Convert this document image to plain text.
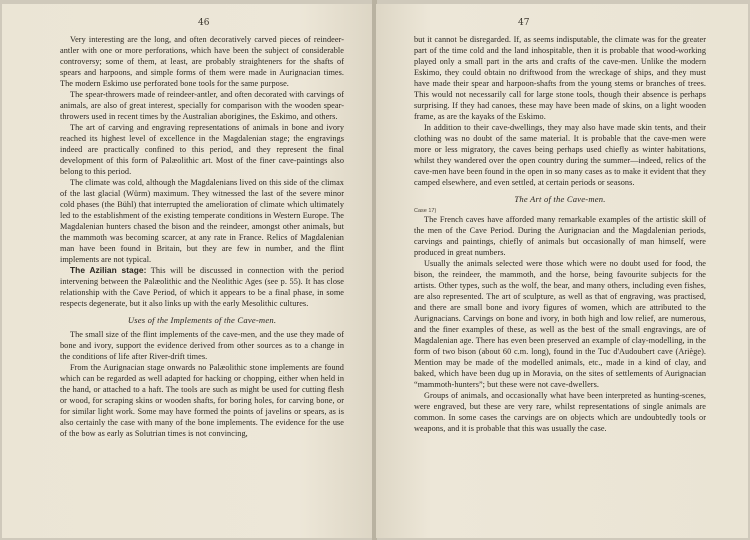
46

Very interesting are the long, and often decoratively carved pieces of reindeer-antler with one or more perforations, which have been the subject of considerable controversy; some of them, at least, are probably straighteners for the shafts of spears and harpoons, and simple forms of them were made in Aurignacian times. The modern Eskimo use perforated bone tools for the same purpose.

The spear-throwers made of reindeer-antler, and often decorated with carvings of animals, are also of great interest, specially for comparison with the wooden spear-throwers used in recent times by the Australian aborigines, the Eskimo, and others.

The art of carving and engraving representations of animals in bone and ivory reached its highest level of excellence in the Magdalenian stage; the engravings indeed are practically confined to this period, and they represent the final development of this form of Palæolithic art. Most of the finer cave-paintings also belong to this period.

The climate was cold, although the Magdalenians lived on this side of the climax of the last glacial (Würm) maximum. They witnessed the last of the severe minor cold phases (the Bühl) that interrupted the amelioration of climate which ultimately led to the establishment of the existing temperate conditions in Western Europe. The Magdalenian hunters chased the bison and the reindeer, amongst other animals, but the mammoth was becoming scarcer, at any rate in France. Relics of Magdalenian man have been found in Britain, but they are few in number, and the flint implements are not typical.

The Azilian stage: This will be discussed in connection with the period intervening between the Palæolithic and the Neolithic Ages (see p. 55). It has close relationship with the Cave Period, of which it appears to be a final phase, in some respects degenerate, but it also links up with the early Mesolithic cultures.

Uses of the Implements of the Cave-men.

The small size of the flint implements of the cave-men, and the use they made of bone and ivory, support the evidence derived from other sources as to a change in the conditions of life after River-drift times.

From the Aurignacian stage onwards no Palæolithic stone implements are found which can be regarded as well adapted for hacking or chopping, either when held in the hand, or attached to a haft. The tools are such as might be used for cutting flesh or wood, for scraping skins or wooden shafts, for boring holes, for carving bone, or for similar light work. Some may have formed the points of javelins or spears, as is also certainly the case with many of the bone implements. The evidence for the use of the bow as early as Solutrian times is not convincing,

47

but it cannot be disregarded. If, as seems indisputable, the climate was for the greater part of the time cold and the land inhospitable, then it is probable that wood-working played only a small part in the arts and crafts of the cave-men. Unlike the modern Eskimo, they could obtain no driftwood from the wreckage of ships, and they must have made their spear and harpoon-shafts from the young stems or branches of trees. This would not necessarily call for large stone tools, though their absence is perhaps surprising. If they had canoes, these may have been made of skins, on a light wooden frame, as are the kayaks of the Eskimo.

In addition to their cave-dwellings, they may also have made skin tents, and their clothing was no doubt of the same material. It is probable that the cave-men were more or less migratory, the caves being perhaps used chiefly as winter habitations, whilst they wandered over the open country during the summer—indeed, relics of the cave-men have been found in the open in so many cases as to make it evident that they camped elsewhere, and even settled, at certain periods or seasons.

The Art of the Cave-men.
Case 17)

The French caves have afforded many remarkable examples of the artistic skill of the men of the Cave Period. During the Aurignacian and the Magdalenian periods, carvings and paintings, chiefly of animals but occasionally of man himself, were produced in great numbers.

Usually the animals selected were those which were no doubt used for food, the bison, the reindeer, the mammoth, and the horse, being favourite subjects for the artists. Other types, such as the wolf, the bear, and many others, including even fishes, are also represented. The art of sculpture, as well as that of engraving, was practised, and there are small bone and ivory figures of women, which are attributed to the Aurignacians. Carvings on bone and ivory, in both high and low relief, are numerous, and the finer examples of these, as well as the best of the small engravings, are of Magdalenian age. There has even been preserved an example of clay-modelling, in the form of two bison (about 60 c.m. long), found in the Tuc d'Audoubert cave (Ariège). Mention may be made of the modelled animals, etc., made in a kind of clay, and baked, which have been dug up in Moravia, on the sites of settlements of Aurignacian “mammoth-hunters”; but these were not cave-dwellers.

Groups of animals, and occasionally what have been interpreted as hunting-scenes, were engraved, but these are very rare, whilst representations of single animals are common. In some cases the carvings are on objects which are undoubtedly tools or weapons, and it is probable that this was usually the case.
